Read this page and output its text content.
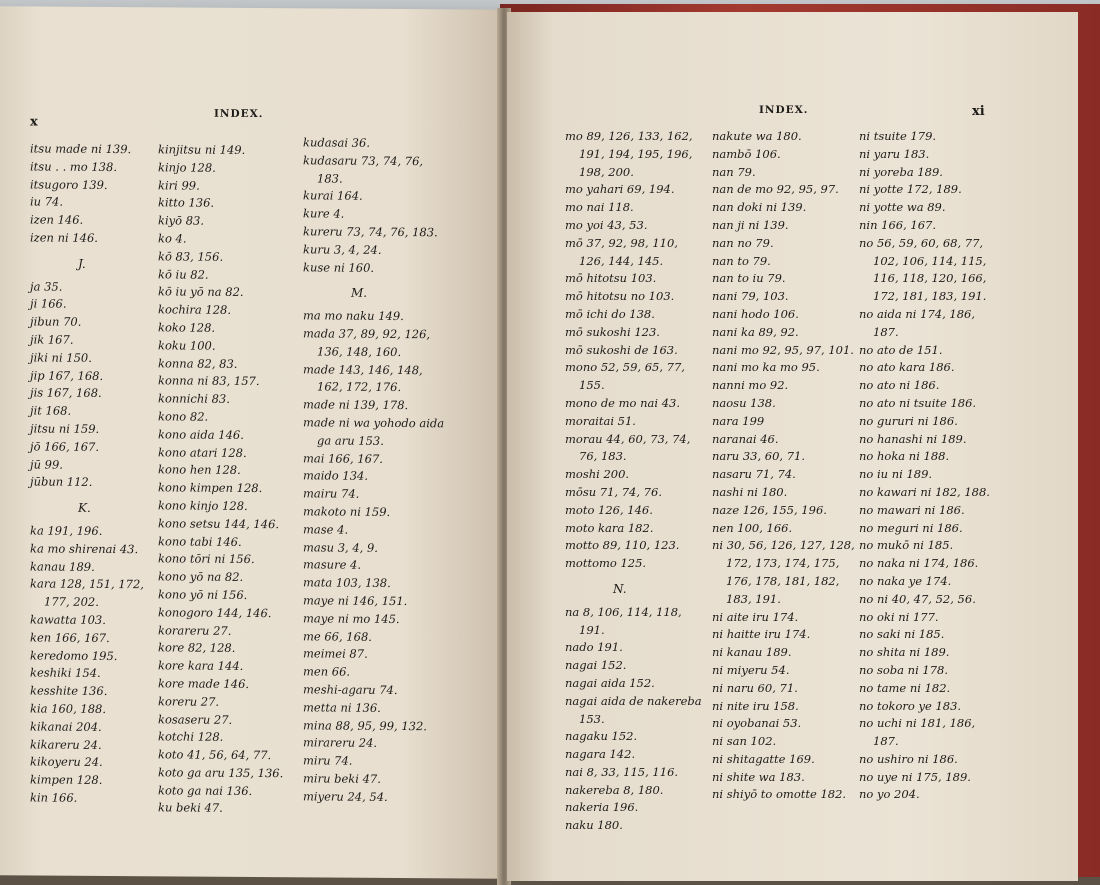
x
INDEX.
itsu made ni 139.
itsu . . mo 138.
itsugoro 139.
iu 74.
izen 146.
izen ni 146.
J.
ja 35.
ji 166.
jibun 70.
jik 167.
jiki ni 150.
jip 167, 168.
jis 167, 168.
jit 168.
jitsu ni 159.
jō 166, 167.
jū 99.
jūbun 112.
K.
ka 191, 196.
ka mo shirenai 43.
kanau 189.
kara 128, 151, 172, 177, 202.
kawatta 103.
ken 166, 167.
keredomo 195.
keshiki 154.
kesshite 136.
kia 160, 188.
kikanai 204.
kikareru 24.
kikoyeru 24.
kimpen 128.
kin 166.
kinjitsu ni 149.
kinjo 128.
kiri 99.
kitto 136.
kiyō 83.
ko 4.
kō 83, 156.
kō iu 82.
kō iu yō na 82.
kochira 128.
koko 128.
koku 100.
konna 82, 83.
konna ni 83, 157.
konnichi 83.
kono 82.
kono aida 146.
kono atari 128.
kono hen 128.
kono kimpen 128.
kono kinjo 128.
kono setsu 144, 146.
kono tabi 146.
kono tōri ni 156.
kono yō na 82.
kono yō ni 156.
konogoro 144, 146.
korareru 27.
kore 82, 128.
kore kara 144.
kore made 146.
koreru 27.
kosaseru 27.
kotchi 128.
koto 41, 56, 64, 77.
koto ga aru 135, 136.
koto ga nai 136.
ku beki 47.
kudasai 36.
kudasaru 73, 74, 76, 183.
kurai 164.
kure 4.
kureru 73, 74, 76, 183.
kuru 3, 4, 24.
kuse ni 160.
M.
ma mo naku 149.
mada 37, 89, 92, 126, 136, 148, 160.
made 143, 146, 148, 162, 172, 176.
made ni 139, 178.
made ni wa yohodo aida ga aru 153.
mai 166, 167.
maido 134.
mairu 74.
makoto ni 159.
mase 4.
masu 3, 4, 9.
masure 4.
mata 103, 138.
maye ni 146, 151.
maye ni mo 145.
me 66, 168.
meimei 87.
men 66.
meshi-agaru 74.
metta ni 136.
mina 88, 95, 99, 132.
mirareru 24.
miru 74.
miru beki 47.
miyeru 24, 54.
INDEX.	xi
mo 89, 126, 133, 162, 191, 194, 195, 196, 198, 200.
mo yahari 69, 194.
mo nai 118.
mo yoi 43, 53.
mō 37, 92, 98, 110, 126, 144, 145.
mō hitotsu 103.
mō hitotsu no 103.
mō ichi do 138.
mō sukoshi 123.
mō sukoshi de 163.
mono 52, 59, 65, 77, 155.
mono de mo nai 43.
moraitai 51.
morau 44, 60, 73, 74, 76, 183.
moshi 200.
mōsu 71, 74, 76.
moto 126, 146.
moto kara 182.
motto 89, 110, 123.
mottomo 125.
N.
na 8, 106, 114, 118, 191.
nado 191.
nagai 152.
nagai aida 152.
nagai aida de nakereba 153.
nagaku 152.
nagara 142.
nai 8, 33, 115, 116.
nakereba 8, 180.
nakeria 196.
naku 180.
nakute wa 180.
nambō 106.
nan 79.
nan de mo 92, 95, 97.
nan doki ni 139.
nan ji ni 139.
nan no 79.
nan to 79.
nan to iu 79.
nani 79, 103.
nani hodo 106.
nani ka 89, 92.
nani mo 92, 95, 97, 101.
nani mo ka mo 95.
nanni mo 92.
naosu 138.
nara 199
naranai 46.
naru 33, 60, 71.
nasaru 71, 74.
nashi ni 180.
naze 126, 155, 196.
nen 100, 166.
ni 30, 56, 126, 127, 128, 172, 173, 174, 175, 176, 178, 181, 182, 183, 191.
ni aite iru 174.
ni haitte iru 174.
ni kanau 189.
ni miyeru 54.
ni naru 60, 71.
ni nite iru 158.
ni oyobanai 53.
ni san 102.
ni shitagatte 169.
ni shite wa 183.
ni shiyō to omotte 182.
ni tsuite 179.
ni yaru 183.
ni yoreba 189.
ni yotte 172, 189.
ni yotte wa 89.
nin 166, 167.
no 56, 59, 60, 68, 77, 102, 106, 114, 115, 116, 118, 120, 166, 172, 181, 183, 191.
no aida ni 174, 186, 187.
no ato de 151.
no ato kara 186.
no ato ni 186.
no ato ni tsuite 186.
no gururi ni 186.
no hanashi ni 189.
no hoka ni 188.
no iu ni 189.
no kawari ni 182, 188.
no mawari ni 186.
no meguri ni 186.
no mukō ni 185.
no naka ni 174, 186.
no naka ye 174.
no ni 40, 47, 52, 56.
no oki ni 177.
no saki ni 185.
no shita ni 189.
no soba ni 178.
no tame ni 182.
no tokoro ye 183.
no uchi ni 181, 186, 187.
no ushiro ni 186.
no uye ni 175, 189.
no yo 204.
